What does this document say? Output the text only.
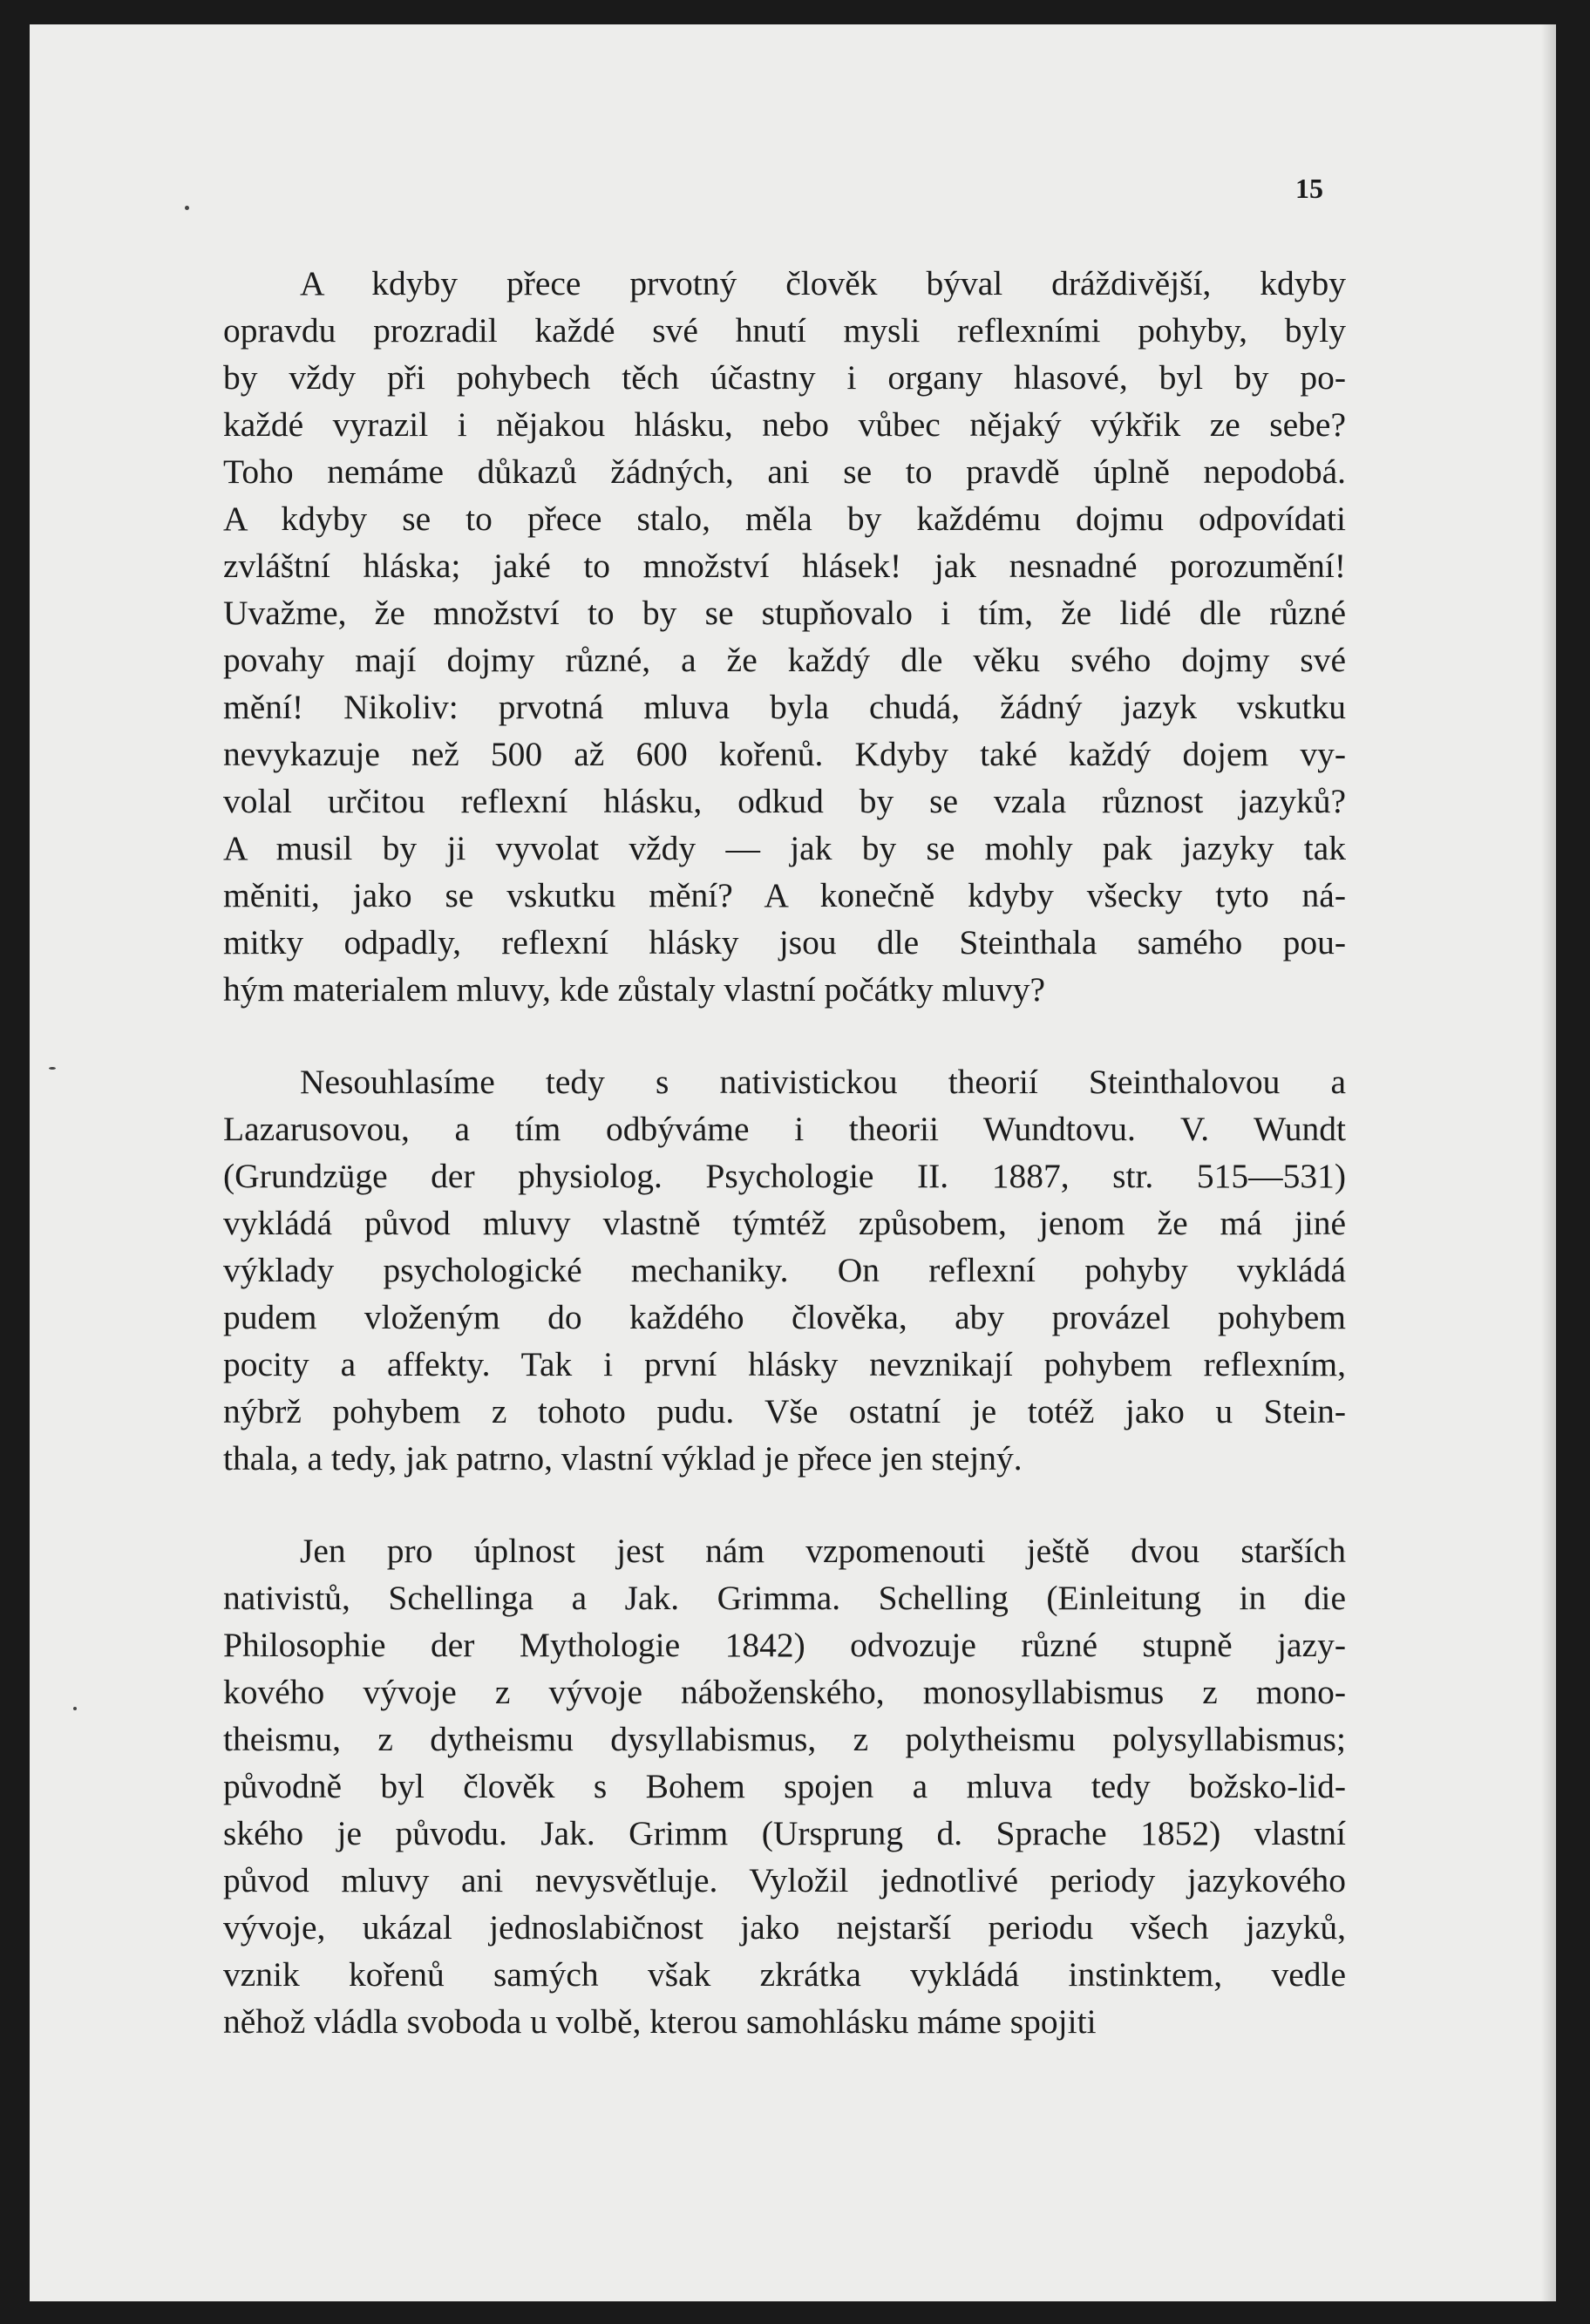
15

A kdyby přece prvotný člověk býval dráždivější, kdyby
opravdu prozradil každé své hnutí mysli reflexními pohyby, byly
by vždy při pohybech těch účastny i organy hlasové, byl by po-
každé vyrazil i nějakou hlásku, nebo vůbec nějaký výkřik ze sebe?
Toho nemáme důkazů žádných, ani se to pravdě úplně nepodobá.
A kdyby se to přece stalo, měla by každému dojmu odpovídati
zvláštní hláska; jaké to množství hlásek! jak nesnadné porozumění!
Uvažme, že množství to by se stupňovalo i tím, že lidé dle různé
povahy mají dojmy různé, a že každý dle věku svého dojmy své
mění! Nikoliv: prvotná mluva byla chudá, žádný jazyk vskutku
nevykazuje než 500 až 600 kořenů. Kdyby také každý dojem vy-
volal určitou reflexní hlásku, odkud by se vzala různost jazyků?
A musil by ji vyvolat vždy — jak by se mohly pak jazyky tak
měniti, jako se vskutku mění? A konečně kdyby všecky tyto ná-
mitky odpadly, reflexní hlásky jsou dle Steinthala samého pou-
hým materialem mluvy, kde zůstaly vlastní počátky mluvy?

Nesouhlasíme tedy s nativistickou theorií Steinthalovou a
Lazarusovou, a tím odbýváme i theorii Wundtovu. V. Wundt
(Grundzüge der physiolog. Psychologie II. 1887, str. 515—531)
vykládá původ mluvy vlastně týmtéž způsobem, jenom že má jiné
výklady psychologické mechaniky. On reflexní pohyby vykládá
pudem vloženým do každého člověka, aby provázel pohybem
pocity a affekty. Tak i první hlásky nevznikají pohybem reflexním,
nýbrž pohybem z tohoto pudu. Vše ostatní je totéž jako u Stein-
thala, a tedy, jak patrno, vlastní výklad je přece jen stejný.

Jen pro úplnost jest nám vzpomenouti ještě dvou starších
nativistů, Schellinga a Jak. Grimma. Schelling (Einleitung in die
Philosophie der Mythologie 1842) odvozuje různé stupně jazy-
kového vývoje z vývoje náboženského, monosyllabismus z mono-
theismu, z dytheismu dysyllabismus, z polytheismu polysyllabismus;
původně byl člověk s Bohem spojen a mluva tedy božsko-lid-
ského je původu. Jak. Grimm (Ursprung d. Sprache 1852) vlastní
původ mluvy ani nevysvětluje. Vyložil jednotlivé periody jazykového
vývoje, ukázal jednoslabičnost jako nejstarší periodu všech jazyků,
vznik kořenů samých však zkrátka vykládá instinktem, vedle
něhož vládla svoboda u volbě, kterou samohlásku máme spojiti
